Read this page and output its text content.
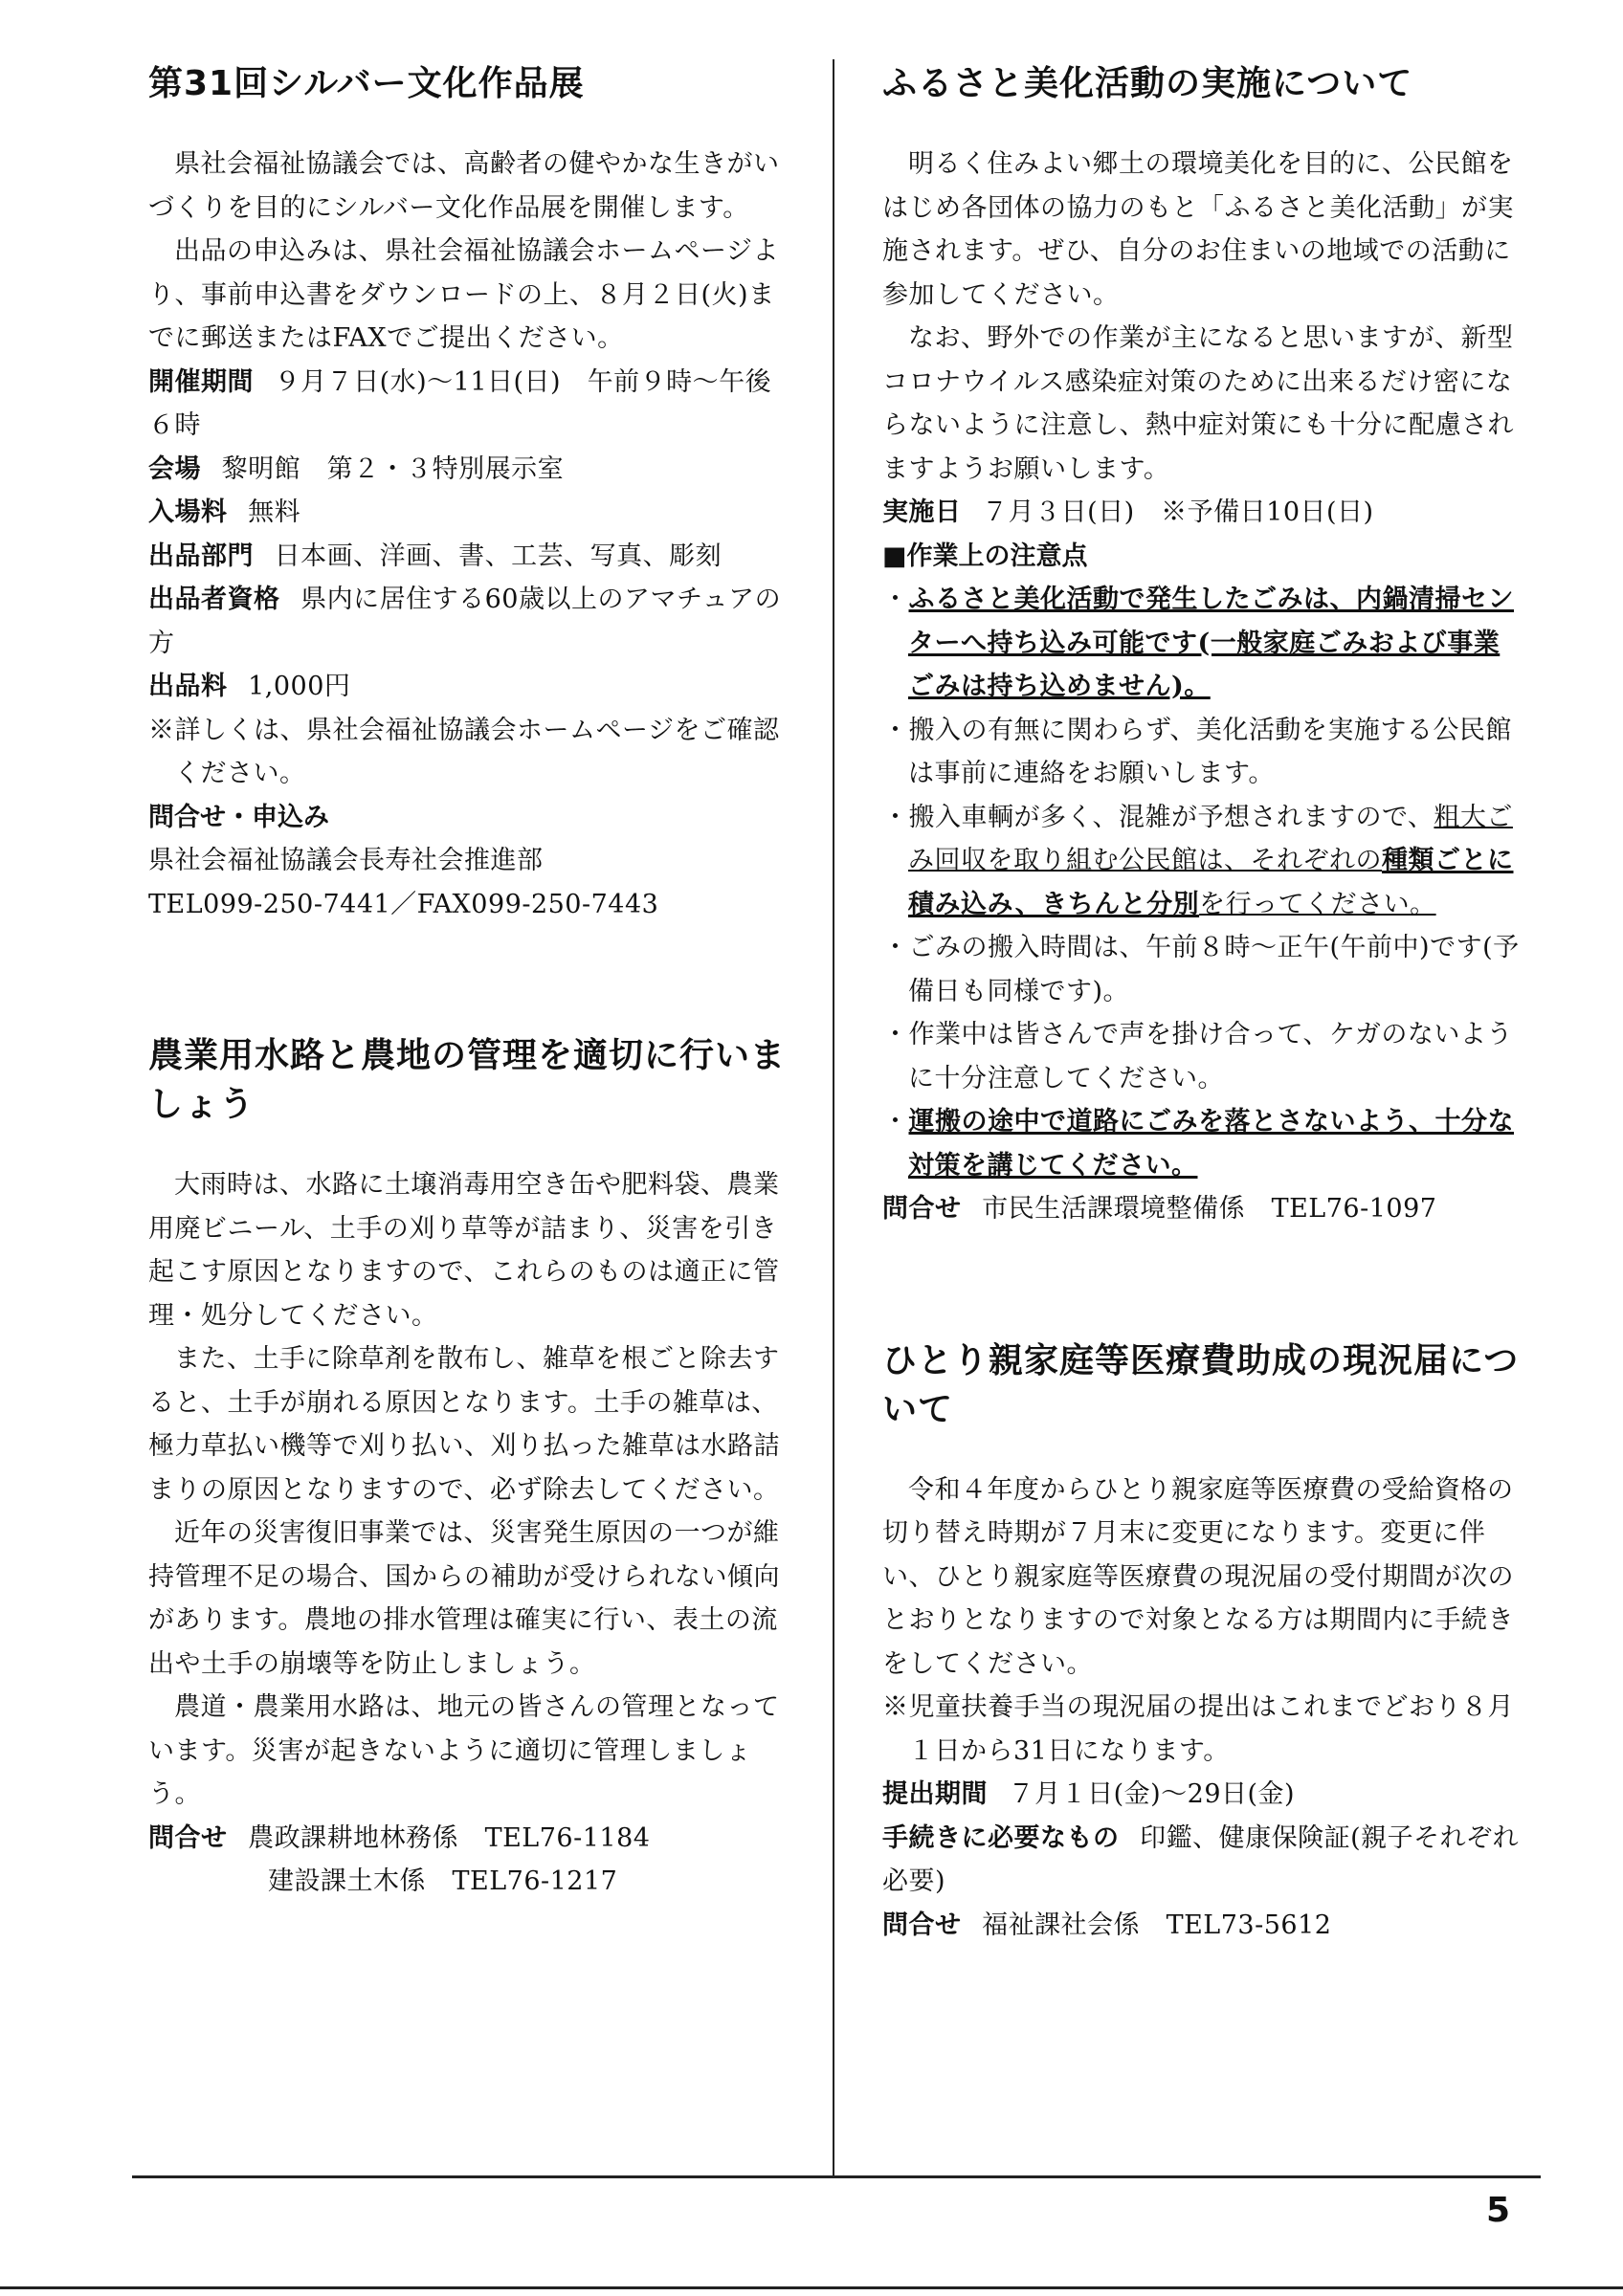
第31回シルバー文化作品展

県社会福祉協議会では、高齢者の健やかな生きがいづくりを目的にシルバー文化作品展を開催します。

出品の申込みは、県社会福祉協議会ホームページより、事前申込書をダウンロードの上、８月２日(火)までに郵送またはFAXでご提出ください。

開催期間 ９月７日(水)～11日(日)　午前９時～午後６時
会場 黎明館　第２・３特別展示室
入場料 無料
出品部門 日本画、洋画、書、工芸、写真、彫刻
出品者資格 県内に居住する60歳以上のアマチュアの方
出品料 1,000円
※詳しくは、県社会福祉協議会ホームページをご確認ください。
問合せ・申込み
県社会福祉協議会長寿社会推進部
TEL099-250-7441／FAX099-250-7443
農業用水路と農地の管理を適切に行いましょう

大雨時は、水路に土壌消毒用空き缶や肥料袋、農業用廃ビニール、土手の刈り草等が詰まり、災害を引き起こす原因となりますので、これらのものは適正に管理・処分してください。

また、土手に除草剤を散布し、雑草を根ごと除去すると、土手が崩れる原因となります。土手の雑草は、極力草払い機等で刈り払い、刈り払った雑草は水路詰まりの原因となりますので、必ず除去してください。

近年の災害復旧事業では、災害発生原因の一つが維持管理不足の場合、国からの補助が受けられない傾向があります。農地の排水管理は確実に行い、表土の流出や土手の崩壊等を防止しましょう。

農道・農業用水路は、地元の皆さんの管理となっています。災害が起きないように適切に管理しましょう。

問合せ 農政課耕地林務係　TEL76-1184
建設課土木係　TEL76-1217
ふるさと美化活動の実施について

明るく住みよい郷土の環境美化を目的に、公民館をはじめ各団体の協力のもと「ふるさと美化活動」が実施されます。ぜひ、自分のお住まいの地域での活動に参加してください。

なお、野外での作業が主になると思いますが、新型コロナウイルス感染症対策のために出来るだけ密にならないように注意し、熱中症対策にも十分に配慮されますようお願いします。

実施日 ７月３日(日)　※予備日10日(日)
■作業上の注意点
・ふるさと美化活動で発生したごみは、内鍋清掃センターへ持ち込み可能です(一般家庭ごみおよび事業ごみは持ち込めません)。
・搬入の有無に関わらず、美化活動を実施する公民館は事前に連絡をお願いします。
・搬入車輌が多く、混雑が予想されますので、粗大ごみ回収を取り組む公民館は、それぞれの種類ごとに積み込み、きちんと分別を行ってください。
・ごみの搬入時間は、午前８時～正午(午前中)です(予備日も同様です)。
・作業中は皆さんで声を掛け合って、ケガのないように十分注意してください。
・運搬の途中で道路にごみを落とさないよう、十分な対策を講じてください。
問合せ 市民生活課環境整備係　TEL76-1097
ひとり親家庭等医療費助成の現況届について

令和４年度からひとり親家庭等医療費の受給資格の切り替え時期が７月末に変更になります。変更に伴い、ひとり親家庭等医療費の現況届の受付期間が次のとおりとなりますので対象となる方は期間内に手続きをしてください。

※児童扶養手当の現況届の提出はこれまでどおり８月１日から31日になります。
提出期間 ７月１日(金)～29日(金)
手続きに必要なもの 印鑑、健康保険証(親子それぞれ必要)
問合せ 福祉課社会係　TEL73-5612
5
